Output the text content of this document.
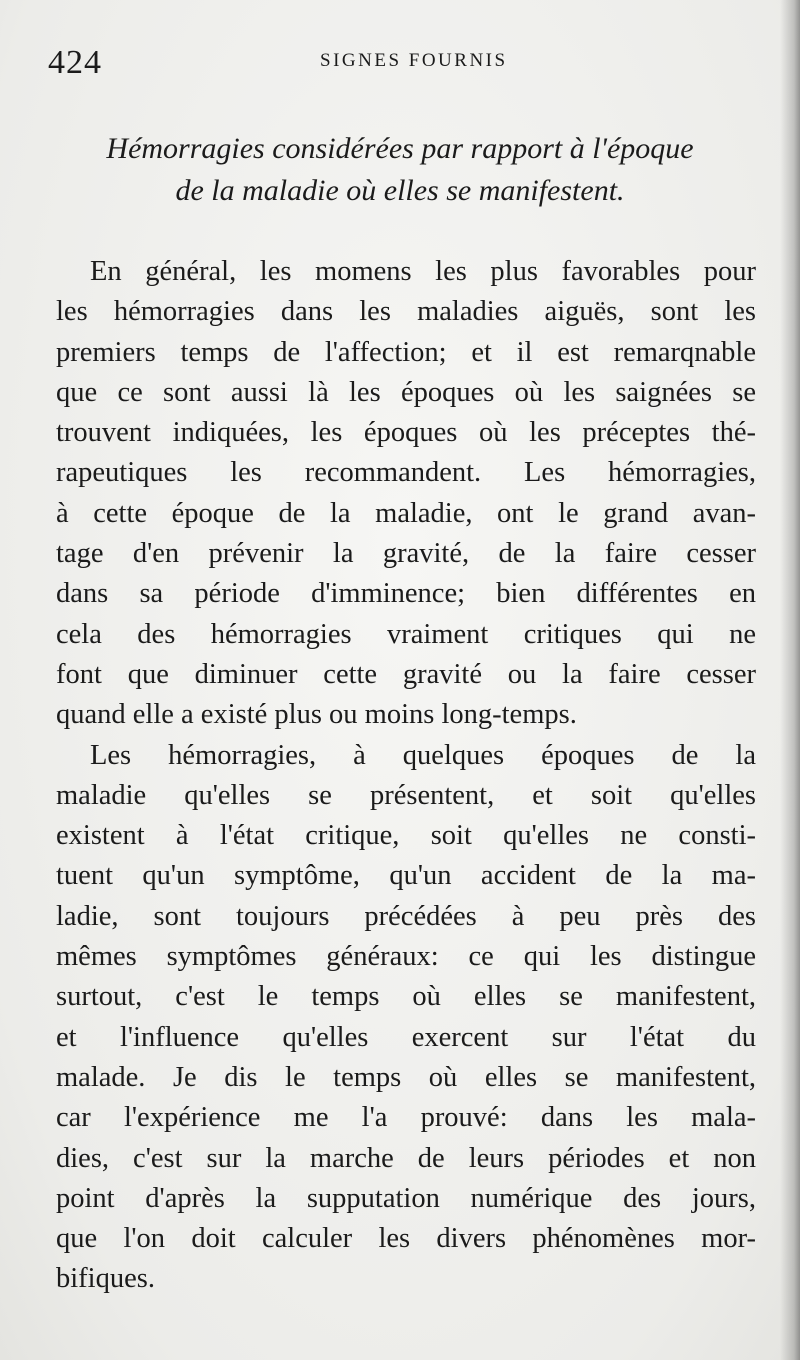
424	SIGNES FOURNIS
Hémorragies considérées par rapport à l'époque
de la maladie où elles se manifestent.
En général, les momens les plus favorables pour
les hémorragies dans les maladies aiguës, sont les
premiers temps de l'affection; et il est remarqnable
que ce sont aussi là les époques où les saignées se
trouvent indiquées, les époques où les préceptes thé-
rapeutiques les recommandent. Les hémorragies,
à cette époque de la maladie, ont le grand avan-
tage d'en prévenir la gravité, de la faire cesser
dans sa période d'imminence; bien différentes en
cela des hémorragies vraiment critiques qui ne
font que diminuer cette gravité ou la faire cesser
quand elle a existé plus ou moins long-temps.
Les hémorragies, à quelques époques de la
maladie qu'elles se présentent, et soit qu'elles
existent à l'état critique, soit qu'elles ne consti-
tuent qu'un symptôme, qu'un accident de la ma-
ladie, sont toujours précédées à peu près des
mêmes symptômes généraux: ce qui les distingue
surtout, c'est le temps où elles se manifestent,
et l'influence qu'elles exercent sur l'état du
malade. Je dis le temps où elles se manifestent,
car l'expérience me l'a prouvé: dans les mala-
dies, c'est sur la marche de leurs périodes et non
point d'après la supputation numérique des jours,
que l'on doit calculer les divers phénomènes mor-
bifiques.
